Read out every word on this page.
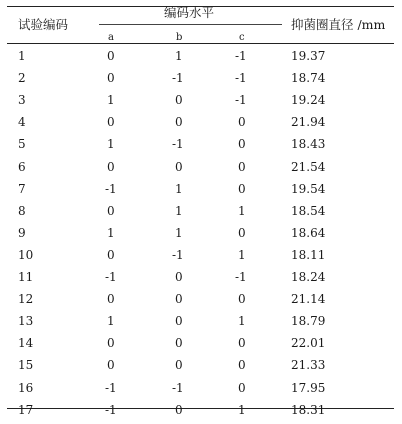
试验编码
编码水平
抑菌圈直径 /mm
a	b	c
1	0	1	-1	19.37
2	0	-1	-1	18.74
3	1	0	-1	19.24
4	0	0	0	21.94
5	1	-1	0	18.43
6	0	0	0	21.54
7	-1	1	0	19.54
8	0	1	1	18.54
9	1	1	0	18.64
10	0	-1	1	18.11
11	-1	0	-1	18.24
12	0	0	0	21.14
13	1	0	1	18.79
14	0	0	0	22.01
15	0	0	0	21.33
16	-1	-1	0	17.95
17	-1	0	1	18.31
